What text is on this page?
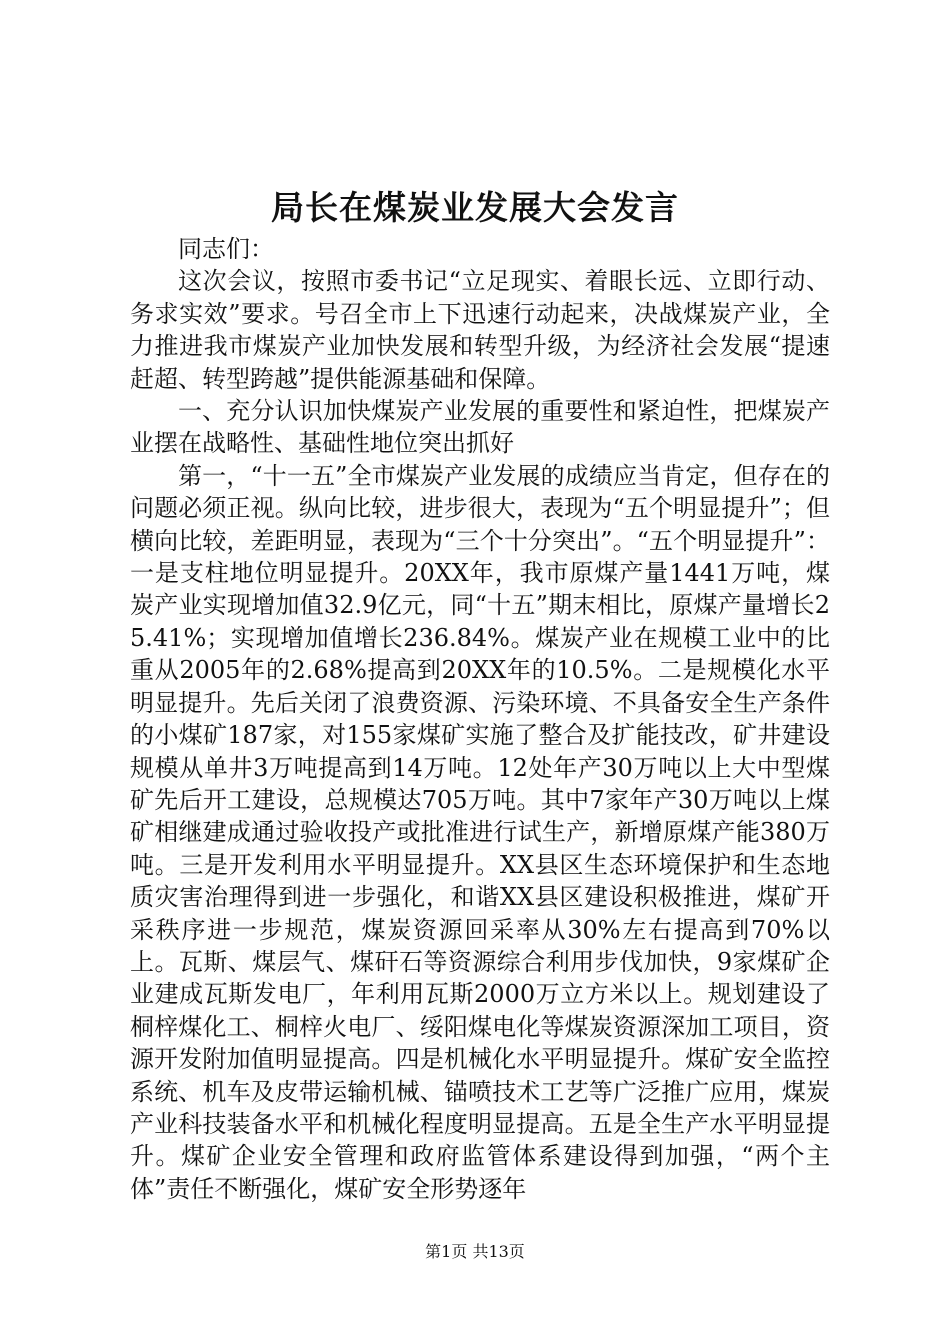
局长在煤炭业发展大会发言

同志们：

这次会议，按照市委书记“立足现实、着眼长远、立即行动、务求实效”要求。号召全市上下迅速行动起来，决战煤炭产业，全力推进我市煤炭产业加快发展和转型升级，为经济社会发展“提速赶超、转型跨越”提供能源基础和保障。

一、充分认识加快煤炭产业发展的重要性和紧迫性，把煤炭产业摆在战略性、基础性地位突出抓好

第一，“十一五”全市煤炭产业发展的成绩应当肯定，但存在的问题必须正视。纵向比较，进步很大，表现为“五个明显提升”；但横向比较，差距明显，表现为“三个十分突出”。“五个明显提升”：一是支柱地位明显提升。20XX年，我市原煤产量1441万吨，煤炭产业实现增加值32.9亿元，同“十五”期末相比，原煤产量增长25.41%；实现增加值增长236.84%。煤炭产业在规模工业中的比重从2005年的2.68%提高到20XX年的10.5%。二是规模化水平明显提升。先后关闭了浪费资源、污染环境、不具备安全生产条件的小煤矿187家，对155家煤矿实施了整合及扩能技改，矿井建设规模从单井3万吨提高到14万吨。12处年产30万吨以上大中型煤矿先后开工建设，总规模达705万吨。其中7家年产30万吨以上煤矿相继建成通过验收投产或批准进行试生产，新增原煤产能380万吨。三是开发利用水平明显提升。XX县区生态环境保护和生态地质灾害治理得到进一步强化，和谐XX县区建设积极推进，煤矿开采秩序进一步规范，煤炭资源回采率从30%左右提高到70%以上。瓦斯、煤层气、煤矸石等资源综合利用步伐加快，9家煤矿企业建成瓦斯发电厂，年利用瓦斯2000万立方米以上。规划建设了桐梓煤化工、桐梓火电厂、绥阳煤电化等煤炭资源深加工项目，资源开发附加值明显提高。四是机械化水平明显提升。煤矿安全监控系统、机车及皮带运输机械、锚喷技术工艺等广泛推广应用，煤炭产业科技装备水平和机械化程度明显提高。五是全生产水平明显提升。煤矿企业安全管理和政府监管体系建设得到加强，“两个主体”责任不断强化，煤矿安全形势逐年

第1页 共13页
